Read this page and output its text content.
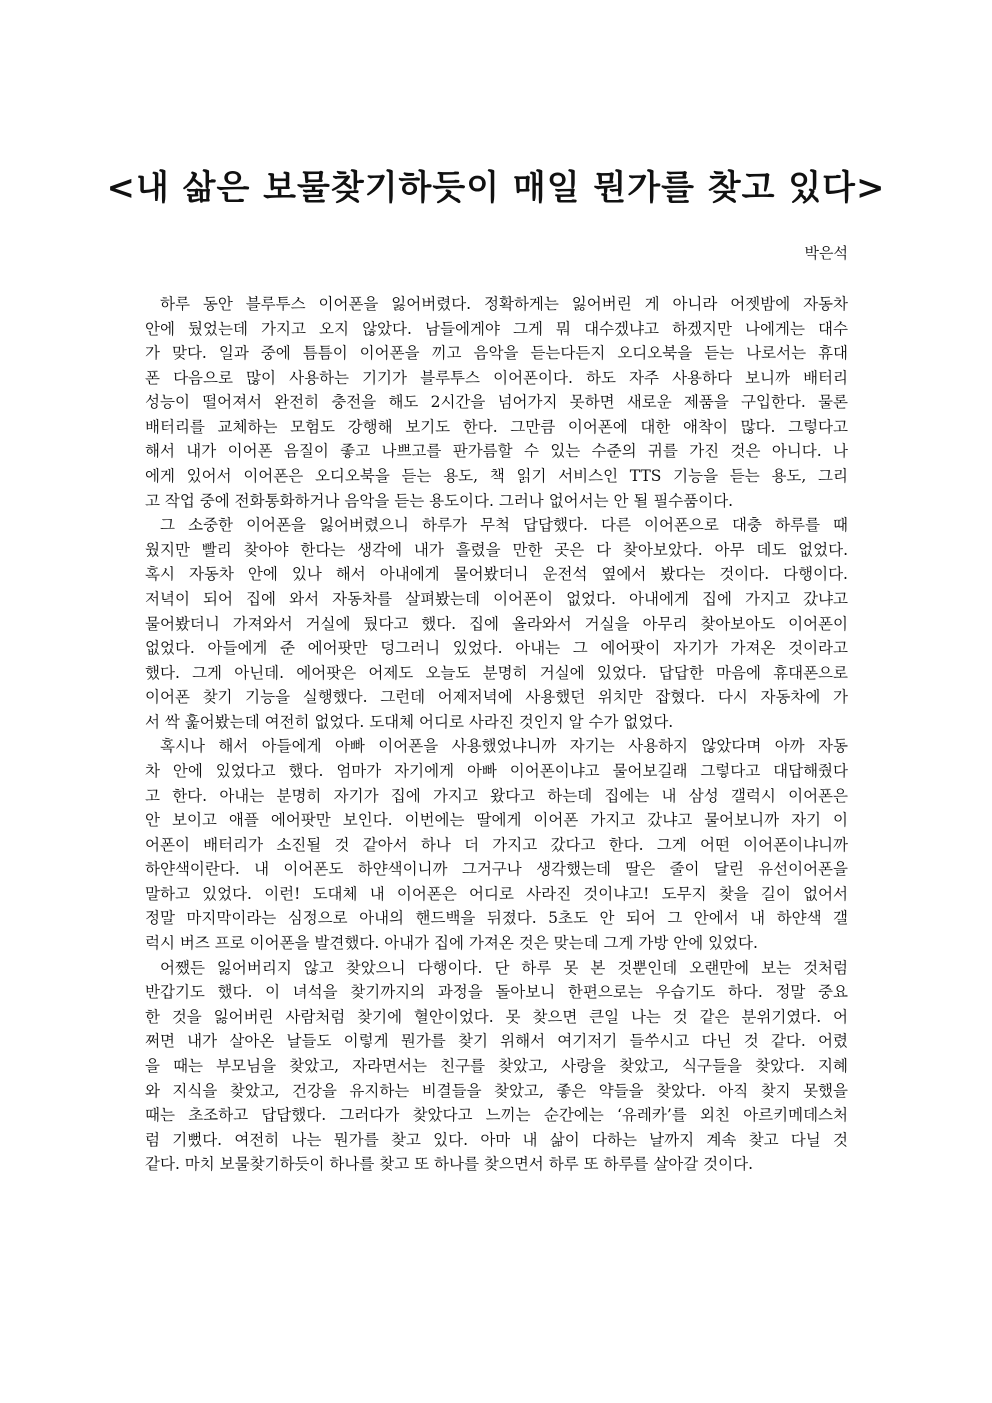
<내 삶은 보물찾기하듯이 매일 뭔가를 찾고 있다>
박은석
하루 동안 블루투스 이어폰을 잃어버렸다. 정확하게는 잃어버린 게 아니라 어젯밤에 자동차
안에 뒀었는데 가지고 오지 않았다. 남들에게야 그게 뭐 대수겠냐고 하겠지만 나에게는 대수
가 맞다. 일과 중에 틈틈이 이어폰을 끼고 음악을 듣는다든지 오디오북을 듣는 나로서는 휴대
폰 다음으로 많이 사용하는 기기가 블루투스 이어폰이다. 하도 자주 사용하다 보니까 배터리
성능이 떨어져서 완전히 충전을 해도 2시간을 넘어가지 못하면 새로운 제품을 구입한다. 물론
배터리를 교체하는 모험도 강행해 보기도 한다. 그만큼 이어폰에 대한 애착이 많다. 그렇다고
해서 내가 이어폰 음질이 좋고 나쁘고를 판가름할 수 있는 수준의 귀를 가진 것은 아니다. 나
에게 있어서 이어폰은 오디오북을 듣는 용도, 책 읽기 서비스인 TTS 기능을 듣는 용도, 그리
고 작업 중에 전화통화하거나 음악을 듣는 용도이다. 그러나 없어서는 안 될 필수품이다.
그 소중한 이어폰을 잃어버렸으니 하루가 무척 답답했다. 다른 이어폰으로 대충 하루를 때
웠지만 빨리 찾아야 한다는 생각에 내가 흘렸을 만한 곳은 다 찾아보았다. 아무 데도 없었다.
혹시 자동차 안에 있나 해서 아내에게 물어봤더니 운전석 옆에서 봤다는 것이다. 다행이다.
저녁이 되어 집에 와서 자동차를 살펴봤는데 이어폰이 없었다. 아내에게 집에 가지고 갔냐고
물어봤더니 가져와서 거실에 뒀다고 했다. 집에 올라와서 거실을 아무리 찾아보아도 이어폰이
없었다. 아들에게 준 에어팟만 덩그러니 있었다. 아내는 그 에어팟이 자기가 가져온 것이라고
했다. 그게 아닌데. 에어팟은 어제도 오늘도 분명히 거실에 있었다. 답답한 마음에 휴대폰으로
이어폰 찾기 기능을 실행했다. 그런데 어제저녁에 사용했던 위치만 잡혔다. 다시 자동차에 가
서 싹 훑어봤는데 여전히 없었다. 도대체 어디로 사라진 것인지 알 수가 없었다.
혹시나 해서 아들에게 아빠 이어폰을 사용했었냐니까 자기는 사용하지 않았다며 아까 자동
차 안에 있었다고 했다. 엄마가 자기에게 아빠 이어폰이냐고 물어보길래 그렇다고 대답해줬다
고 한다. 아내는 분명히 자기가 집에 가지고 왔다고 하는데 집에는 내 삼성 갤럭시 이어폰은
안 보이고 애플 에어팟만 보인다. 이번에는 딸에게 이어폰 가지고 갔냐고 물어보니까 자기 이
어폰이 배터리가 소진될 것 같아서 하나 더 가지고 갔다고 한다. 그게 어떤 이어폰이냐니까
하얀색이란다. 내 이어폰도 하얀색이니까 그거구나 생각했는데 딸은 줄이 달린 유선이어폰을
말하고 있었다. 이런! 도대체 내 이어폰은 어디로 사라진 것이냐고! 도무지 찾을 길이 없어서
정말 마지막이라는 심정으로 아내의 핸드백을 뒤졌다. 5초도 안 되어 그 안에서 내 하얀색 갤
럭시 버즈 프로 이어폰을 발견했다. 아내가 집에 가져온 것은 맞는데 그게 가방 안에 있었다.
어쨌든 잃어버리지 않고 찾았으니 다행이다. 단 하루 못 본 것뿐인데 오랜만에 보는 것처럼
반갑기도 했다. 이 녀석을 찾기까지의 과정을 돌아보니 한편으로는 우습기도 하다. 정말 중요
한 것을 잃어버린 사람처럼 찾기에 혈안이었다. 못 찾으면 큰일 나는 것 같은 분위기였다. 어
쩌면 내가 살아온 날들도 이렇게 뭔가를 찾기 위해서 여기저기 들쑤시고 다닌 것 같다. 어렸
을 때는 부모님을 찾았고, 자라면서는 친구를 찾았고, 사랑을 찾았고, 식구들을 찾았다. 지혜
와 지식을 찾았고, 건강을 유지하는 비결들을 찾았고, 좋은 약들을 찾았다. 아직 찾지 못했을
때는 초조하고 답답했다. 그러다가 찾았다고 느끼는 순간에는 ‘유레카’를 외친 아르키메데스처
럼 기뻤다. 여전히 나는 뭔가를 찾고 있다. 아마 내 삶이 다하는 날까지 계속 찾고 다닐 것
같다. 마치 보물찾기하듯이 하나를 찾고 또 하나를 찾으면서 하루 또 하루를 살아갈 것이다.
